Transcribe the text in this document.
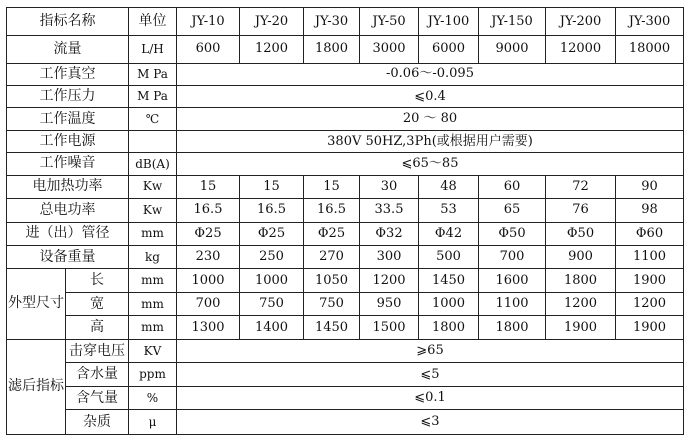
指标名称		单位	JY-10	JY-20	JY-30	JY-50	JY-100	JY-150	JY-200	JY-300
流量		L/H	600	1200	1800	3000	6000	9000	12000	18000
工作真空		M Pa	-0.06～-0.095							
工作压力		M Pa	⩽0.4							
工作温度		℃	20 ～ 80							
工作电源			380V 50HZ,3Ph(或根据用户需要)							
工作噪音		dB(A)	⩽65～85							
电加热功率		Kw	15	15	15	30	48	60	72	90
总电功率		Kw	16.5	16.5	16.5	33.5	53	65	76	98
进（出）管径		mm	Φ25	Φ25	Φ25	Φ32	Φ42	Φ50	Φ50	Φ60
设备重量		kg	230	250	270	300	500	700	900	1100
外型尺寸	长	mm	1000	1000	1050	1200	1450	1600	1800	1900
	宽	mm	700	750	750	950	1000	1100	1200	1200
	高	mm	1300	1400	1450	1500	1800	1800	1900	1900
滤后指标	击穿电压	KV	⩾65							
	含水量	ppm	⩽5							
	含气量	%	⩽0.1							
	杂质	μ	⩽3							
